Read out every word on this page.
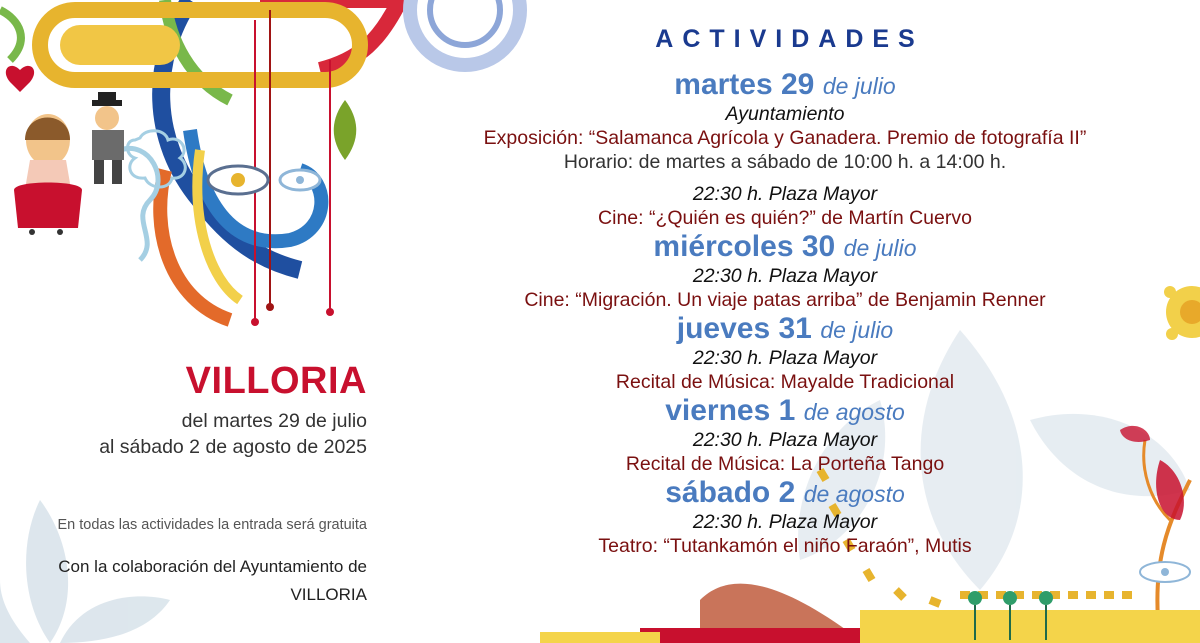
VILLORIA
del martes 29 de julio
al sábado 2 de agosto de 2025
En todas las actividades la entrada será gratuita
Con la colaboración del Ayuntamiento de
VILLORIA
ACTIVIDADES
martes 29 de julio
Ayuntamiento
Exposición: “Salamanca Agrícola y Ganadera. Premio de fotografía II”
Horario: de martes a sábado de 10:00 h. a 14:00 h.
22:30 h. Plaza Mayor
Cine: “¿Quién es quién?” de Martín Cuervo
miércoles 30 de julio
22:30 h. Plaza Mayor
Cine: “Migración. Un viaje patas arriba” de Benjamin Renner
jueves 31 de julio
22:30 h. Plaza Mayor
Recital de Música: Mayalde Tradicional
viernes 1 de agosto
22:30 h. Plaza Mayor
Recital de Música: La Porteña Tango
sábado 2 de agosto
22:30 h. Plaza Mayor
Teatro: “Tutankamón el niño Faraón”, Mutis
